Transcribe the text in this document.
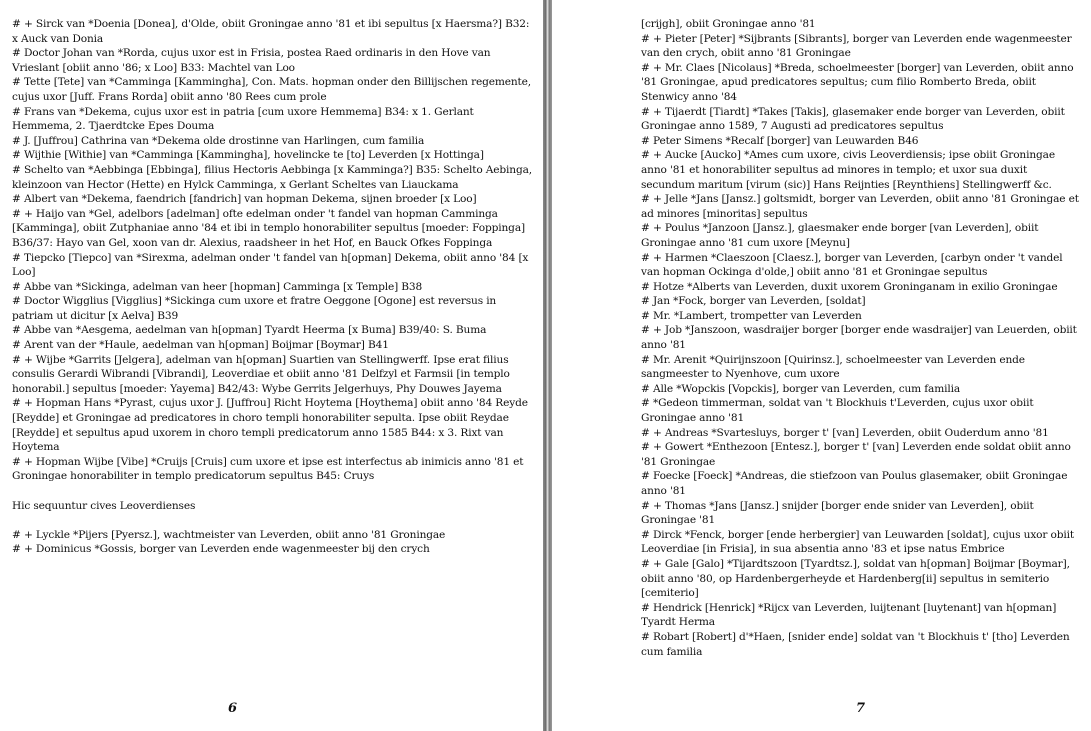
# + Sirck van *Doenia [Donea], d'Olde, obiit Groningae anno '81 et ibi sepultus [x Haersma?] B32: x Auck van Donia

# Doctor Johan van *Rorda, cujus uxor est in Frisia, postea Raed ordinaris in den Hove van Vrieslant [obiit anno '86; x Loo] B33: Machtel van Loo

# Tette [Tete] van *Camminga [Kamminghа], Con. Mats. hopman onder den Billijschen regemente, cujus uxor [Juff. Frans Rorda] obiit anno '80 Rees cum prole

# Frans van *Dekema, cujus uxor est in patria [cum uxore Hemmema] B34: x 1. Gerlant Hemmema, 2. Tjaerdtcke Epes Douma

# J. [Juffrou] Cathrina van *Dekema olde drostinne van Harlingen, cum familia

# Wijthie [Withie] van *Camminga [Kamminghа], hovelincke te [to] Leverden [x Hottinga]

# Schelto van *Aebbinga [Ebbinga], filius Hectoris Aebbinga [x Kamminga?] B35: Schelto Aebinga, kleinzoon van Hector (Hette) en Hylck Camminga, x Gerlant Scheltes van Liauckama

# Albert van *Dekema, faendrich [fandrich] van hopman Dekema, sijnen broeder [x Loo]

# + Haijo van *Gel, adelbors [adelman] ofte edelman onder 't fandel van hopman Camminga [Kamminga], obiit Zutphaniae anno '84 et ibi in templo honorabiliter sepultus [moeder: Foppinga] B36/37: Hayo van Gel, xoon van dr. Alexius, raadsheer in het Hof, en Bauck Ofkes Foppinga

# Tiepcko [Tiepco] van *Sirexma, adelman onder 't fandel van h[opman] Dekema, obiit anno '84 [x Loo]

# Abbe van *Sickinga, adelman van heer [hopman] Camminga [x Temple] B38

# Doctor Wigglius [Viggliuѕ] *Sickinga cum uxore et fratre Oeggone [Ogone] est reversus in patriam ut dicitur [x Aelva] B39

# Abbe van *Aesgema, aedelman van h[opman] Tyardt Heerma [x Buma] B39/40: S. Buma

# Arent van der *Haule, aedelman van h[opman] Boijmar [Boymar] B41

# + Wijbe *Garrits [Jelgera], adelman van h[opman] Suartien van Stellingwerff. Ipse erat filius consulis Gerardi Wibrandi [Vibrandi], Leoverdiae et obiit anno '81 Delfzyl et Farmsii [in templo honorabil.] sepultus [moeder: Yayema] B42/43: Wybe Gerrits Jelgerhuys, Phy Douwes Jayema

# + Hopman Hans *Pyrast, cujus uxor J. [Juffrou] Richt Hoytema [Hoythema] obiit anno '84 Reyde [Reydde] et Groningae ad predicatores in choro templi honorabiliter sepulta. Ipse obiit Reydae [Reydde] et sepultus apud uxorem in choro templi predicatorum anno 1585 B44: x 3. Rixt van Hoytema

# + Hopman Wijbe [Vibe] *Cruijs [Cruis] cum uxore et ipse est interfectus ab inimicis anno '81 et Groningae honorabiliter in templo predicatorum sepultus B45: Cruys

Hic sequuntur cives Leoverdienses

# + Lyckle *Pijers [Pyersz.], wachtmeister van Leverden, obiit anno '81 Groningae

# + Dominicus *Gossis, borger van Leverden ende wagenmeester bij den crych

6

[crijgh], obiit Groningae anno '81

# + Pieter [Peter] *Sijbrants [Sibrants], borger van Leverden ende wagenmeester van den crych, obiit anno '81 Groningae

# + Mr. Claes [Nicolaus] *Breda, schoelmeester [borger] van Leverden, obiit anno '81 Groningae, apud predicatores sepultus; cum filio Romberto Breda, obiit Stenwicy anno '84

# + Tijaerdt [Tiardt] *Takes [Takis], glasemaker ende borger van Leverden, obiit Groningae anno 1589, 7 Augusti ad predicatores sepultus

# Peter Simens *Recalf [borger] van Leuwarden B46

# + Aucke [Aucko] *Ames cum uxore, civis Leoverdiensis; ipse obiit Groningae anno '81 et honorabiliter sepultus ad minores in templo; et uxor sua duxit secundum maritum [virum (sic)] Hans Reijnties [Reynthiens] Stellingwerff &c.

# + Jelle *Jans [Jansz.] goltsmidt, borger van Leverden, obiit anno '81 Groningae et ad minores [minoritas] sepultus

# + Poulus *Janzoon [Jansz.], glaesmaker ende borger [van Leverden], obiit Groningae anno '81 cum uxore [Meynu]

# + Harmen *Claeszoon [Claesz.], borger van Leverden, [carbyn onder 't vandel van hopman Ockinga d'olde,] obiit anno '81 et Groningae sepultus

# Hotze *Alberts van Leverden, duxit uxorem Groninganam in exilio Groningae

# Jan *Fock, borger van Leverden, [soldat]

# Mr. *Lambert, trompetter van Leverden

# + Job *Janszoon, wasdraijer borger [borger ende wasdraijer] van Leuerden, obiit anno '81

# Mr. Arenit *Quirijnszoon [Quirinsz.], schoelmeester van Leverden ende sangmeester to Nyenhove, cum uxore

# Alle *Wopckis [Vopckis], borger van Leverden, cum familia

# *Gedeon timmerman, soldat van 't Blockhuis t'Leverden, cujus uxor obiit Groningae anno '81

# + Andreas *Svartesluys, borger t' [van] Leverden, obiit Ouderdum anno '81

# + Gowert *Enthezoon [Entesz.], borger t' [van] Leverden ende soldat obiit anno '81 Groningae

# Foecke [Foeck] *Andreas, die stiefzoon van Poulus glasemaker, obiit Groningae anno '81

# + Thomas *Jans [Jansz.] snijder [borger ende snider van Leverden], obiit Groningae '81

# Dirck *Fenck, borger [ende herbergier] van Leuwarden [soldat], cujus uxor obiit Leoverdiae [in Frisia], in sua absentia anno '83 et ipse natus Embrice

# + Gale [Galo] *Tijardtszoon [Tyardtsz.], soldat van h[opman] Boijmar [Boymar], obiit anno '80, op Hardenbergerheyde et Hardenberg[ii] sepultus in semiterio [cemiterio]

# Hendrick [Henrick] *Rijcx van Leverden, luijtenant [luytenant] van h[opman] Tyardt Herma

# Robart [Robert] d'*Haen, [snider ende] soldat van 't Blockhuis t' [tho] Leverden cum familia

7
